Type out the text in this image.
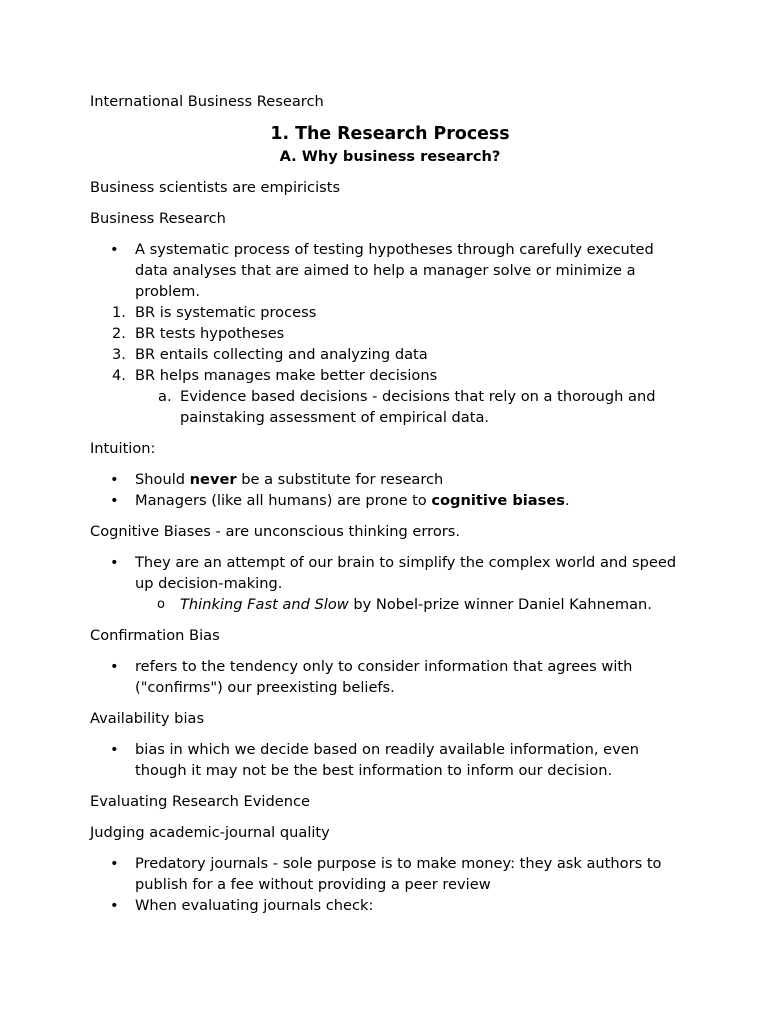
International Business Research

1. The Research Process

A. Why business research?

Business scientists are empiricists

Business Research

• A systematic process of testing hypotheses through carefully executed data analyses that are aimed to help a manager solve or minimize a problem.
1. BR is systematic process
2. BR tests hypotheses
3. BR entails collecting and analyzing data
4. BR helps manages make better decisions
a. Evidence based decisions - decisions that rely on a thorough and painstaking assessment of empirical data.

Intuition:

• Should never be a substitute for research
• Managers (like all humans) are prone to cognitive biases.

Cognitive Biases - are unconscious thinking errors.

• They are an attempt of our brain to simplify the complex world and speed up decision-making.
o Thinking Fast and Slow by Nobel-prize winner Daniel Kahneman.

Confirmation Bias

• refers to the tendency only to consider information that agrees with ("confirms") our preexisting beliefs.

Availability bias

• bias in which we decide based on readily available information, even though it may not be the best information to inform our decision.

Evaluating Research Evidence

Judging academic-journal quality

• Predatory journals - sole purpose is to make money: they ask authors to publish for a fee without providing a peer review
• When evaluating journals check:
